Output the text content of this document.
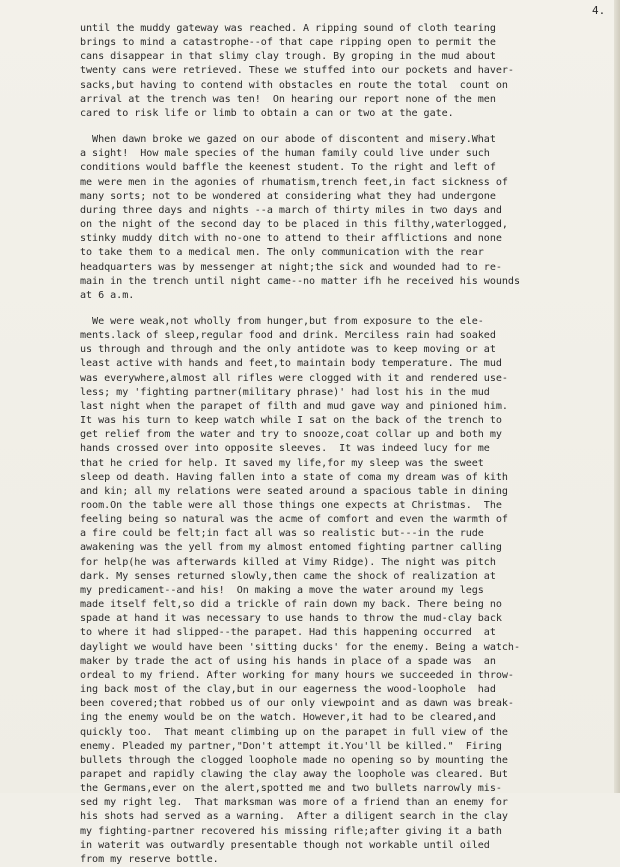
4.
until the muddy gateway was reached. A ripping sound of cloth tearing
brings to mind a catastrophe--of that cape ripping open to permit the
cans disappear in that slimy clay trough. By groping in the mud about
twenty cans were retrieved. These we stuffed into our pockets and haver-
sacks,but having to contend with obstacles en route the total  count on
arrival at the trench was ten!  On hearing our report none of the men
cared to risk life or limb to obtain a can or two at the gate.
When dawn broke we gazed on our abode of discontent and misery.What
a sight!  How male species of the human family could live under such
conditions would baffle the keenest student. To the right and left of
me were men in the agonies of rhumatism,trench feet,in fact sickness of
many sorts; not to be wondered at considering what they had undergone
during three days and nights --a march of thirty miles in two days and
on the night of the second day to be placed in this filthy,waterlogged,
stinky muddy ditch with no-one to attend to their afflictions and none
to take them to a medical men. The only communication with the rear
headquarters was by messenger at night;the sick and wounded had to re-
main in the trench until night came--no matter ifh he received his wounds
at 6 a.m.
We were weak,not wholly from hunger,but from exposure to the ele-
ments.lack of sleep,regular food and drink. Merciless rain had soaked
us through and through and the only antidote was to keep moving or at
least active with hands and feet,to maintain body temperature. The mud
was everywhere,almost all rifles were clogged with it and rendered use-
less; my 'fighting partner(military phrase)' had lost his in the mud
last night when the parapet of filth and mud gave way and pinioned him.
It was his turn to keep watch while I sat on the back of the trench to
get relief from the water and try to snooze,coat collar up and both my
hands crossed over into opposite sleeves.  It was indeed lucy for me
that he cried for help. It saved my life,for my sleep was the sweet
sleep od death. Having fallen into a state of coma my dream was of kith
and kin; all my relations were seated around a spacious table in dining
room.On the table were all those things one expects at Christmas.  The
feeling being so natural was the acme of comfort and even the warmth of
a fire could be felt;in fact all was so realistic but---in the rude
awakening was the yell from my almost entomed fighting partner calling
for help(he was afterwards killed at Vimy Ridge). The night was pitch
dark. My senses returned slowly,then came the shock of realization at
my predicament--and his!  On making a move the water around my legs
made itself felt,so did a trickle of rain down my back. There being no
spade at hand it was necessary to use hands to throw the mud-clay back
to where it had slipped--the parapet. Had this happening occurred  at
daylight we would have been 'sitting ducks' for the enemy. Being a watch-
maker by trade the act of using his hands in place of a spade was  an
ordeal to my friend. After working for many hours we succeeded in throw-
ing back most of the clay,but in our eagerness the wood-loophole  had
been covered;that robbed us of our only viewpoint and as dawn was break-
ing the enemy would be on the watch. However,it had to be cleared,and
quickly too.  That meant climbing up on the parapet in full view of the
enemy. Pleaded my partner,"Don't attempt it.You'll be killed."  Firing
bullets through the clogged loophole made no opening so by mounting the
parapet and rapidly clawing the clay away the loophole was cleared. But
the Germans,ever on the alert,spotted me and two bullets narrowly mis-
sed my right leg.  That marksman was more of a friend than an enemy for
his shots had served as a warning.  After a diligent search in the clay
my fighting-partner recovered his missing rifle;after giving it a bath
in waterit was outwardly presentable though not workable until oiled
from my reserve bottle.
